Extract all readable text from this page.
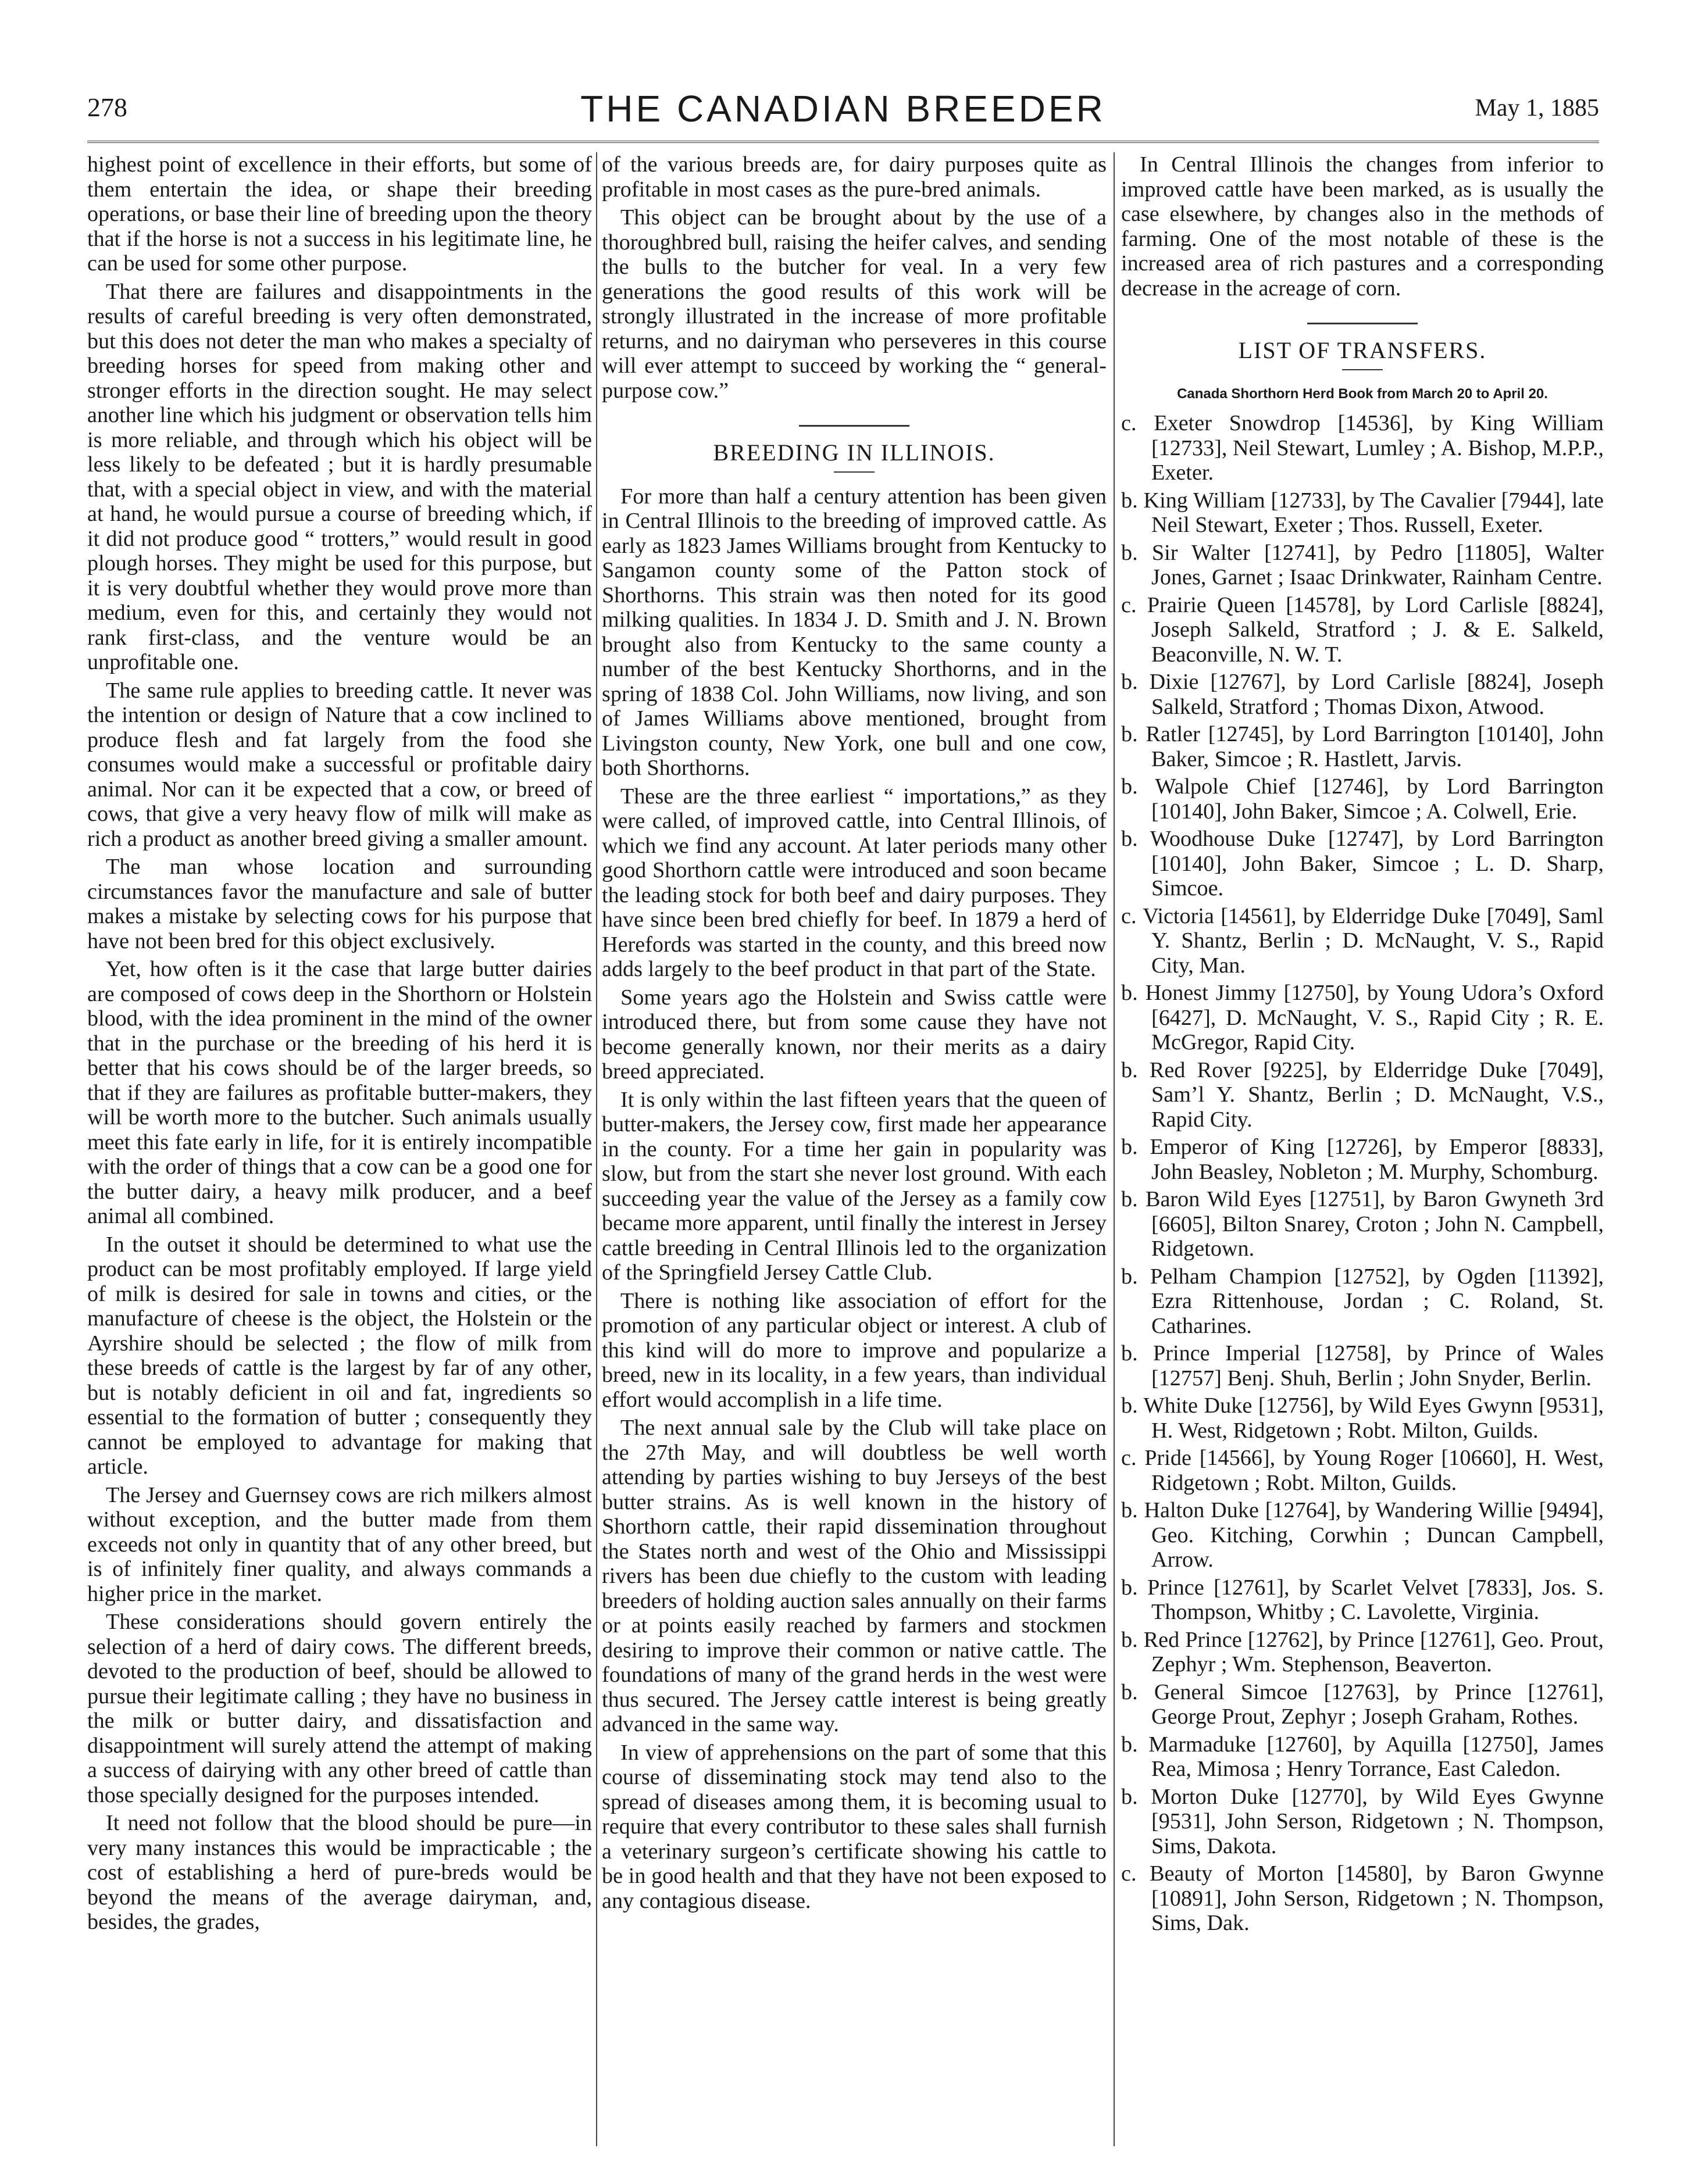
278	THE CANADIAN BREEDER	May 1, 1885

highest point of excellence in their efforts, but some of them entertain the idea, or shape their breeding operations, or base their line of breeding upon the theory that if the horse is not a success in his legitimate line, he can be used for some other purpose.

That there are failures and disappointments in the results of careful breeding is very often demonstrated, but this does not deter the man who makes a specialty of breeding horses for speed from making other and stronger efforts in the direction sought. He may select another line which his judgment or observation tells him is more reliable, and through which his object will be less likely to be defeated ; but it is hardly presumable that, with a special object in view, and with the material at hand, he would pursue a course of breeding which, if it did not produce good “ trotters,” would result in good plough horses. They might be used for this purpose, but it is very doubtful whether they would prove more than medium, even for this, and certainly they would not rank first-class, and the venture would be an unprofitable one.

The same rule applies to breeding cattle. It never was the intention or design of Nature that a cow inclined to produce flesh and fat largely from the food she consumes would make a successful or profitable dairy animal. Nor can it be expected that a cow, or breed of cows, that give a very heavy flow of milk will make as rich a product as another breed giving a smaller amount.

The man whose location and surrounding circumstances favor the manufacture and sale of butter makes a mistake by selecting cows for his purpose that have not been bred for this object exclusively.

Yet, how often is it the case that large butter dairies are composed of cows deep in the Shorthorn or Holstein blood, with the idea prominent in the mind of the owner that in the purchase or the breeding of his herd it is better that his cows should be of the larger breeds, so that if they are failures as profitable butter-makers, they will be worth more to the butcher. Such animals usually meet this fate early in life, for it is entirely incompatible with the order of things that a cow can be a good one for the butter dairy, a heavy milk producer, and a beef animal all combined.

In the outset it should be determined to what use the product can be most profitably employed. If large yield of milk is desired for sale in towns and cities, or the manufacture of cheese is the object, the Holstein or the Ayrshire should be selected ; the flow of milk from these breeds of cattle is the largest by far of any other, but is notably deficient in oil and fat, ingredients so essential to the formation of butter ; consequently they cannot be employed to advantage for making that article.

The Jersey and Guernsey cows are rich milkers almost without exception, and the butter made from them exceeds not only in quantity that of any other breed, but is of infinitely finer quality, and always commands a higher price in the market.

These considerations should govern entirely the selection of a herd of dairy cows. The different breeds, devoted to the production of beef, should be allowed to pursue their legitimate calling ; they have no business in the milk or butter dairy, and dissatisfaction and disappointment will surely attend the attempt of making a success of dairying with any other breed of cattle than those specially designed for the purposes intended.

It need not follow that the blood should be pure—in very many instances this would be impracticable ; the cost of establishing a herd of pure-breds would be beyond the means of the average dairyman, and, besides, the grades,

of the various breeds are, for dairy purposes quite as profitable in most cases as the pure-bred animals.

This object can be brought about by the use of a thoroughbred bull, raising the heifer calves, and sending the bulls to the butcher for veal. In a very few generations the good results of this work will be strongly illustrated in the increase of more profitable returns, and no dairyman who perseveres in this course will ever attempt to succeed by working the “ general-purpose cow.”

BREEDING IN ILLINOIS.

For more than half a century attention has been given in Central Illinois to the breeding of improved cattle. As early as 1823 James Williams brought from Kentucky to Sangamon county some of the Patton stock of Shorthorns. This strain was then noted for its good milking qualities. In 1834 J. D. Smith and J. N. Brown brought also from Kentucky to the same county a number of the best Kentucky Shorthorns, and in the spring of 1838 Col. John Williams, now living, and son of James Williams above mentioned, brought from Livingston county, New York, one bull and one cow, both Shorthorns.

These are the three earliest “ importations,” as they were called, of improved cattle, into Central Illinois, of which we find any account. At later periods many other good Shorthorn cattle were introduced and soon became the leading stock for both beef and dairy purposes. They have since been bred chiefly for beef. In 1879 a herd of Herefords was started in the county, and this breed now adds largely to the beef product in that part of the State.

Some years ago the Holstein and Swiss cattle were introduced there, but from some cause they have not become generally known, nor their merits as a dairy breed appreciated.

It is only within the last fifteen years that the queen of butter-makers, the Jersey cow, first made her appearance in the county. For a time her gain in popularity was slow, but from the start she never lost ground. With each succeeding year the value of the Jersey as a family cow became more apparent, until finally the interest in Jersey cattle breeding in Central Illinois led to the organization of the Springfield Jersey Cattle Club.

There is nothing like association of effort for the promotion of any particular object or interest. A club of this kind will do more to improve and popularize a breed, new in its locality, in a few years, than individual effort would accomplish in a life time.

The next annual sale by the Club will take place on the 27th May, and will doubtless be well worth attending by parties wishing to buy Jerseys of the best butter strains. As is well known in the history of Shorthorn cattle, their rapid dissemination throughout the States north and west of the Ohio and Mississippi rivers has been due chiefly to the custom with leading breeders of holding auction sales annually on their farms or at points easily reached by farmers and stockmen desiring to improve their common or native cattle. The foundations of many of the grand herds in the west were thus secured. The Jersey cattle interest is being greatly advanced in the same way.

In view of apprehensions on the part of some that this course of disseminating stock may tend also to the spread of diseases among them, it is becoming usual to require that every contributor to these sales shall furnish a veterinary surgeon’s certificate showing his cattle to be in good health and that they have not been exposed to any contagious disease.

In Central Illinois the changes from inferior to improved cattle have been marked, as is usually the case elsewhere, by changes also in the methods of farming. One of the most notable of these is the increased area of rich pastures and a corresponding decrease in the acreage of corn.

LIST OF TRANSFERS.
Canada Shorthorn Herd Book from March 20 to April 20.
c. Exeter Snowdrop [14536], by King William [12733], Neil Stewart, Lumley ; A. Bishop, M.P.P., Exeter.
b. King William [12733], by The Cavalier [7944], late Neil Stewart, Exeter ; Thos. Russell, Exeter.
b. Sir Walter [12741], by Pedro [11805], Walter Jones, Garnet ; Isaac Drinkwater, Rainham Centre.
c. Prairie Queen [14578], by Lord Carlisle [8824], Joseph Salkeld, Stratford ; J. & E. Salkeld, Beaconville, N. W. T.
b. Dixie [12767], by Lord Carlisle [8824], Joseph Salkeld, Stratford ; Thomas Dixon, Atwood.
b. Ratler [12745], by Lord Barrington [10140], John Baker, Simcoe ; R. Hastlett, Jarvis.
b. Walpole Chief [12746], by Lord Barrington [10140], John Baker, Simcoe ; A. Colwell, Erie.
b. Woodhouse Duke [12747], by Lord Barrington [10140], John Baker, Simcoe ; L. D. Sharp, Simcoe.
c. Victoria [14561], by Elderridge Duke [7049], Saml Y. Shantz, Berlin ; D. McNaught, V. S., Rapid City, Man.
b. Honest Jimmy [12750], by Young Udora’s Oxford [6427], D. McNaught, V. S., Rapid City ; R. E. McGregor, Rapid City.
b. Red Rover [9225], by Elderridge Duke [7049], Sam’l Y. Shantz, Berlin ; D. McNaught, V.S., Rapid City.
b. Emperor of King [12726], by Emperor [8833], John Beasley, Nobleton ; M. Murphy, Schomburg.
b. Baron Wild Eyes [12751], by Baron Gwyneth 3rd [6605], Bilton Snarey, Croton ; John N. Campbell, Ridgetown.
b. Pelham Champion [12752], by Ogden [11392], Ezra Rittenhouse, Jordan ; C. Roland, St. Catharines.
b. Prince Imperial [12758], by Prince of Wales [12757] Benj. Shuh, Berlin ; John Snyder, Berlin.
b. White Duke [12756], by Wild Eyes Gwynn [9531], H. West, Ridgetown ; Robt. Milton, Guilds.
c. Pride [14566], by Young Roger [10660], H. West, Ridgetown ; Robt. Milton, Guilds.
b. Halton Duke [12764], by Wandering Willie [9494], Geo. Kitching, Corwhin ; Duncan Campbell, Arrow.
b. Prince [12761], by Scarlet Velvet [7833], Jos. S. Thompson, Whitby ; C. Lavolette, Virginia.
b. Red Prince [12762], by Prince [12761], Geo. Prout, Zephyr ; Wm. Stephenson, Beaverton.
b. General Simcoe [12763], by Prince [12761], George Prout, Zephyr ; Joseph Graham, Rothes.
b. Marmaduke [12760], by Aquilla [12750], James Rea, Mimosa ; Henry Torrance, East Caledon.
b. Morton Duke [12770], by Wild Eyes Gwynne [9531], John Serson, Ridgetown ; N. Thompson, Sims, Dakota.
c. Beauty of Morton [14580], by Baron Gwynne [10891], John Serson, Ridgetown ; N. Thompson, Sims, Dak.
